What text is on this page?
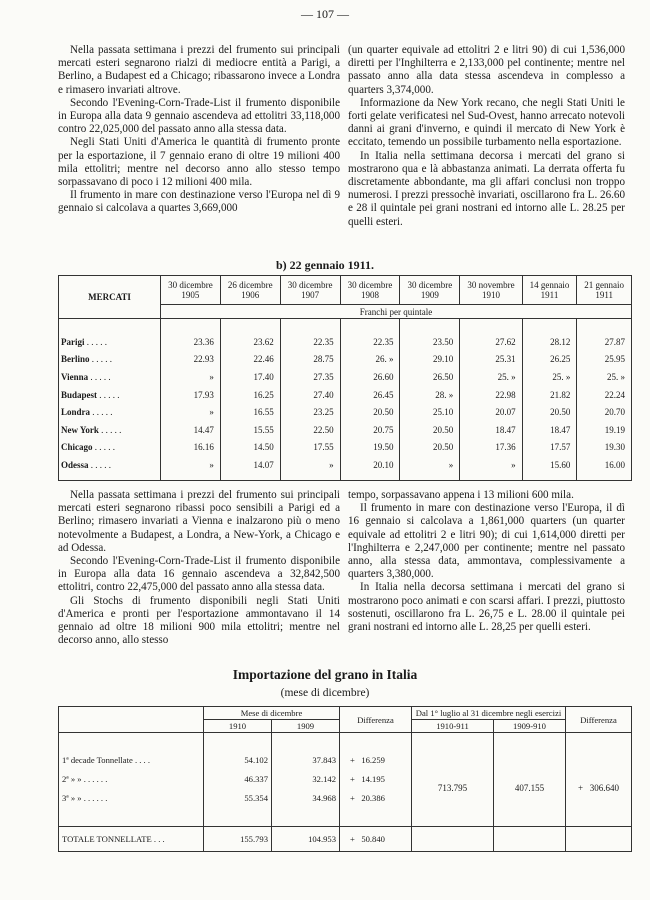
— 107 —

Nella passata settimana i prezzi del frumento sui principali mercati esteri segnarono rialzi di mediocre entità a Parigi, a Berlino, a Budapest ed a Chicago; ribassarono invece a Londra e rimasero invariati altrove.

Secondo l'Evening-Corn-Trade-List il frumento disponibile in Europa alla data 9 gennaio ascendeva ad ettolitri 33,118,000 contro 22,025,000 del passato anno alla stessa data.

Negli Stati Uniti d'America le quantità di frumento pronte per la esportazione, il 7 gennaio erano di oltre 19 milioni 400 mila ettolitri; mentre nel decorso anno allo stesso tempo sorpassavano di poco i 12 milioni 400 mila.

Il frumento in mare con destinazione verso l'Europa nel dì 9 gennaio si calcolava a quartes 3,669,000

(un quarter equivale ad ettolitri 2 e litri 90) di cui 1,536,000 diretti per l'Inghilterra e 2,133,000 pel continente; mentre nel passato anno alla data stessa ascendeva in complesso a quarters 3,374,000.

Informazione da New York recano, che negli Stati Uniti le forti gelate verificatesi nel Sud-Ovest, hanno arrecato notevoli danni ai grani d'inverno, e quindi il mercato di New York è eccitato, temendo un possibile turbamento nella esportazione.

In Italia nella settimana decorsa i mercati del grano si mostrarono qua e là abbastanza animati. La derrata offerta fu discretamente abbondante, ma gli affari conclusi non troppo numerosi. I prezzi pressochè invariati, oscillarono fra L. 26.60 e 28 il quintale pei grani nostrani ed intorno alle L. 28.25 per quelli esteri.

b) 22 gennaio 1911.
MERCATI	30 dicembre 1905	26 dicembre 1906	30 dicembre 1907	30 dicembre 1908	30 dicembre 1909	30 novembre 1910	14 gennaio 1911	21 gennaio 1911
	Franchi per quintale							
Parigi . . . . .	23.36	23.62	22.35	22.35	23.50	27.62	28.12	27.87
Berlino . . . . .	22.93	22.46	28.75	26. »	29.10	25.31	26.25	25.95
Vienna . . . . .	»	17.40	27.35	26.60	26.50	25. »	25. »	25. »
Budapest . . . . .	17.93	16.25	27.40	26.45	28. »	22.98	21.82	22.24
Londra . . . . .	»	16.55	23.25	20.50	25.10	20.07	20.50	20.70
New York . . . . .	14.47	15.55	22.50	20.75	20.50	18.47	18.47	19.19
Chicago . . . . .	16.16	14.50	17.55	19.50	20.50	17.36	17.57	19.30
Odessa . . . . .	»	14.07	»	20.10	»	»	15.60	16.00

Nella passata settimana i prezzi del frumento sui principali mercati esteri segnarono ribassi poco sensibili a Parigi ed a Berlino; rimasero invariati a Vienna e inalzarono più o meno notevolmente a Budapest, a Londra, a New-York, a Chicago e ad Odessa.

Secondo l'Evening-Corn-Trade-List il frumento disponibile in Europa alla data 16 gennaio ascendeva a 32,842,500 ettolitri, contro 22,475,000 del passato anno alla stessa data.

Gli Stochs di frumento disponibili negli Stati Uniti d'America e pronti per l'esportazione ammontavano il 14 gennaio ad oltre 18 milioni 900 mila ettolitri; mentre nel decorso anno, allo stesso

tempo, sorpassavano appena i 13 milioni 600 mila.

Il frumento in mare con destinazione verso l'Europa, il dì 16 gennaio si calcolava a 1,861,000 quarters (un quarter equivale ad ettolitri 2 e litri 90); di cui 1,614,000 diretti per l'Inghilterra e 2,247,000 per continente; mentre nel passato anno, alla stessa data, ammontava, complessivamente a quarters 3,380,000.

In Italia nella decorsa settimana i mercati del grano si mostrarono poco animati e con scarsi affari. I prezzi, piuttosto sostenuti, oscillarono fra L. 26,75 e L. 28.00 il quintale pei grani nostrani ed intorno alle L. 28,25 per quelli esteri.

Importazione del grano in Italia
(mese di dicembre)
	Mese di dicembre		Differenza	Dal 1° luglio al 31 dicembre negli esercizi		Differenza
	1910	1909		1910-911	1909-910	
1ª decade Tonnellate . . . .	54.102	37.843	+ 16.259	713.795	407.155	+ 306.640
2ª » » . . . . . .	46.337	32.142	+ 14.195			
3ª » » . . . . . .	55.354	34.968	+ 20.386			
TOTALE TONNELLATE . . .	155.793	104.953	+ 50.840			
